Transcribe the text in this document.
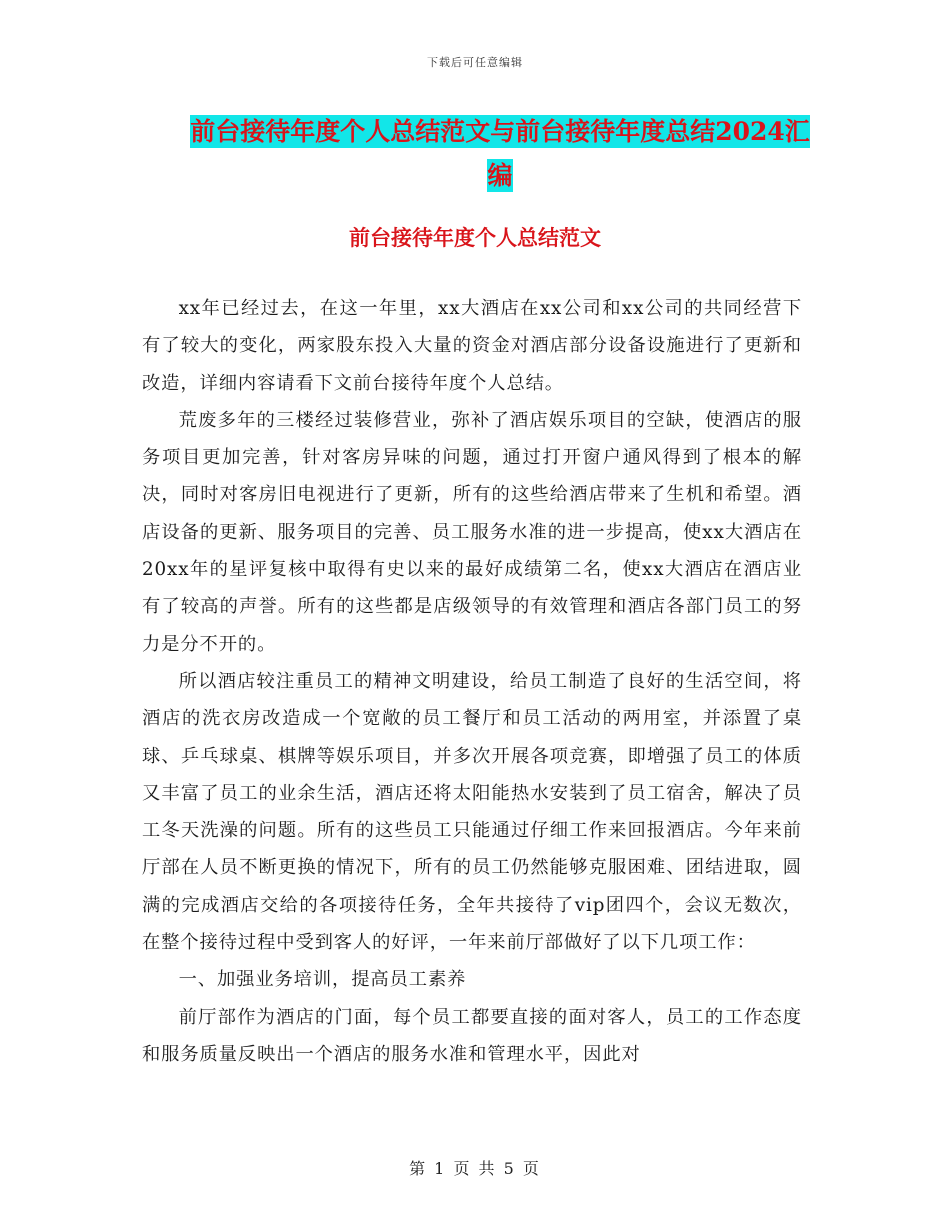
下载后可任意编辑
前台接待年度个人总结范文与前台接待年度总结2024汇编
前台接待年度个人总结范文

xx年已经过去，在这一年里，xx大酒店在xx公司和xx公司的共同经营下有了较大的变化，两家股东投入大量的资金对酒店部分设备设施进行了更新和改造，详细内容请看下文前台接待年度个人总结。

荒废多年的三楼经过装修营业，弥补了酒店娱乐项目的空缺，使酒店的服务项目更加完善，针对客房异味的问题，通过打开窗户通风得到了根本的解决，同时对客房旧电视进行了更新，所有的这些给酒店带来了生机和希望。酒店设备的更新、服务项目的完善、员工服务水准的进一步提高，使xx大酒店在20xx年的星评复核中取得有史以来的最好成绩第二名，使xx大酒店在酒店业有了较高的声誉。所有的这些都是店级领导的有效管理和酒店各部门员工的努力是分不开的。

所以酒店较注重员工的精神文明建设，给员工制造了良好的生活空间，将酒店的洗衣房改造成一个宽敞的员工餐厅和员工活动的两用室，并添置了桌球、乒乓球桌、棋牌等娱乐项目，并多次开展各项竞赛，即增强了员工的体质又丰富了员工的业余生活，酒店还将太阳能热水安装到了员工宿舍，解决了员工冬天洗澡的问题。所有的这些员工只能通过仔细工作来回报酒店。今年来前厅部在人员不断更换的情况下，所有的员工仍然能够克服困难、团结进取，圆满的完成酒店交给的各项接待任务，全年共接待了vip团四个，会议无数次，在整个接待过程中受到客人的好评，一年来前厅部做好了以下几项工作：

一、加强业务培训，提高员工素养

前厅部作为酒店的门面，每个员工都要直接的面对客人，员工的工作态度和服务质量反映出一个酒店的服务水准和管理水平，因此对

第 1 页 共 5 页
